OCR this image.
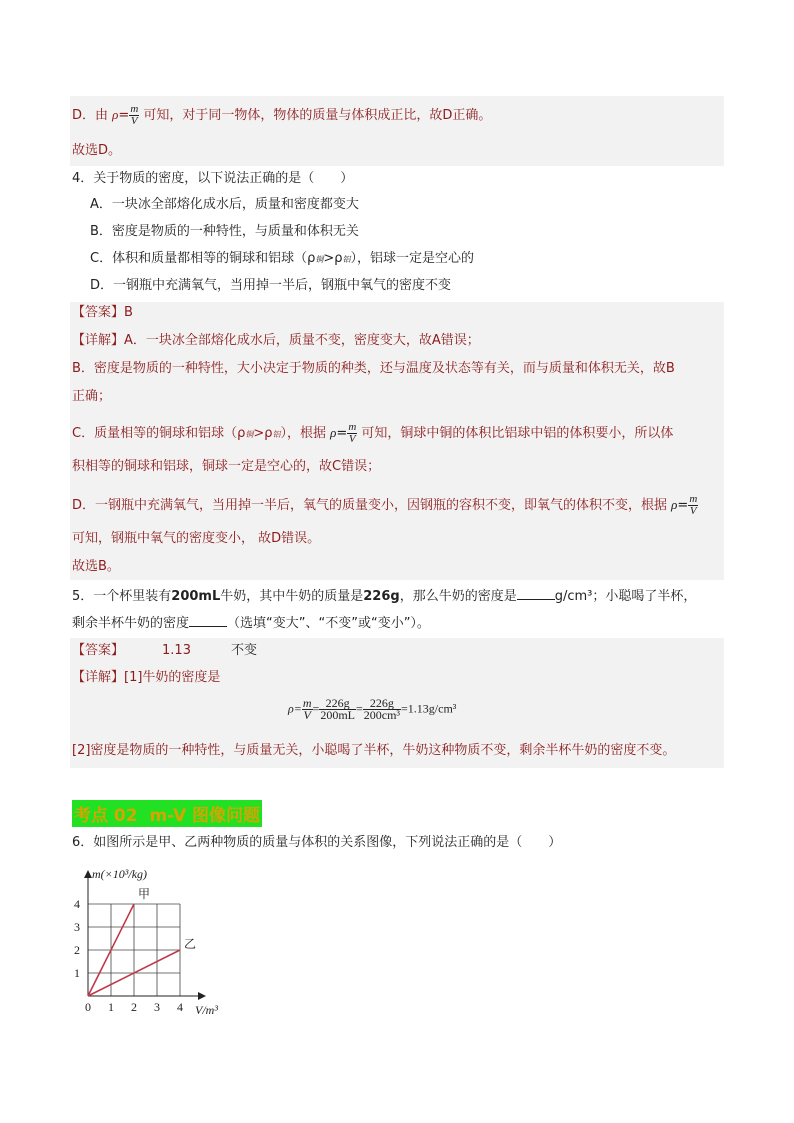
D．由 $\rho= \frac{m}{V}$ 可知，对于同一物体，物体的质量与体积成正比，故D正确。
故选D。
4．关于物质的密度，以下说法正确的是（　　）
A．一块冰全部熔化成水后，质量和密度都变大
B．密度是物质的一种特性，与质量和体积无关
C．体积和质量都相等的铜球和铝球（ρ铜>ρ铝），铝球一定是空心的
D．一钢瓶中充满氧气，当用掉一半后，钢瓶中氧气的密度不变
【答案】B
【详解】A．一块冰全部熔化成水后，质量不变，密度变大，故A错误；
B．密度是物质的一种特性，大小决定于物质的种类，还与温度及状态等有关，而与质量和体积无关，故B
正确；
C．质量相等的铜球和铝球（ρ铜>ρ铝），根据 $\rho= \frac{m}{V}$ 可知，铜球中铜的体积比铝球中铝的体积要小，所以体
积相等的铜球和铝球，铜球一定是空心的，故C错误；
D．一钢瓶中充满氧气，当用掉一半后，氧气的质量变小，因钢瓶的容积不变，即氧气的体积不变，根据 $\rho= \frac{m}{V}$
可知，钢瓶中氧气的密度变小， 故D错误。
故选B。
5．一个杯里装有200mL牛奶，其中牛奶的质量是226g，那么牛奶的密度是	g/cm³；小聪喝了半杯，
剩余半杯牛奶的密度	（选填“变大”、“不变”或“变小”）。
【答案】	1.13	不变
【详解】[1]牛奶的密度是
$\rho= \frac{m}{V} = \frac{226g}{200mL} = \frac{226g}{\text{200cm³}} =1.13g/cm^3$
[2]密度是物质的一种特性，与质量无关，小聪喝了半杯，牛奶这种物质不变，剩余半杯牛奶的密度不变。
考点 02 m-V 图像问题
6．如图所示是甲、乙两种物质的质量与体积的关系图像，下列说法正确的是（　　）
0 1 2 3 4
1
2
3
4
m(×10³/kg)
V/m³
甲
乙
